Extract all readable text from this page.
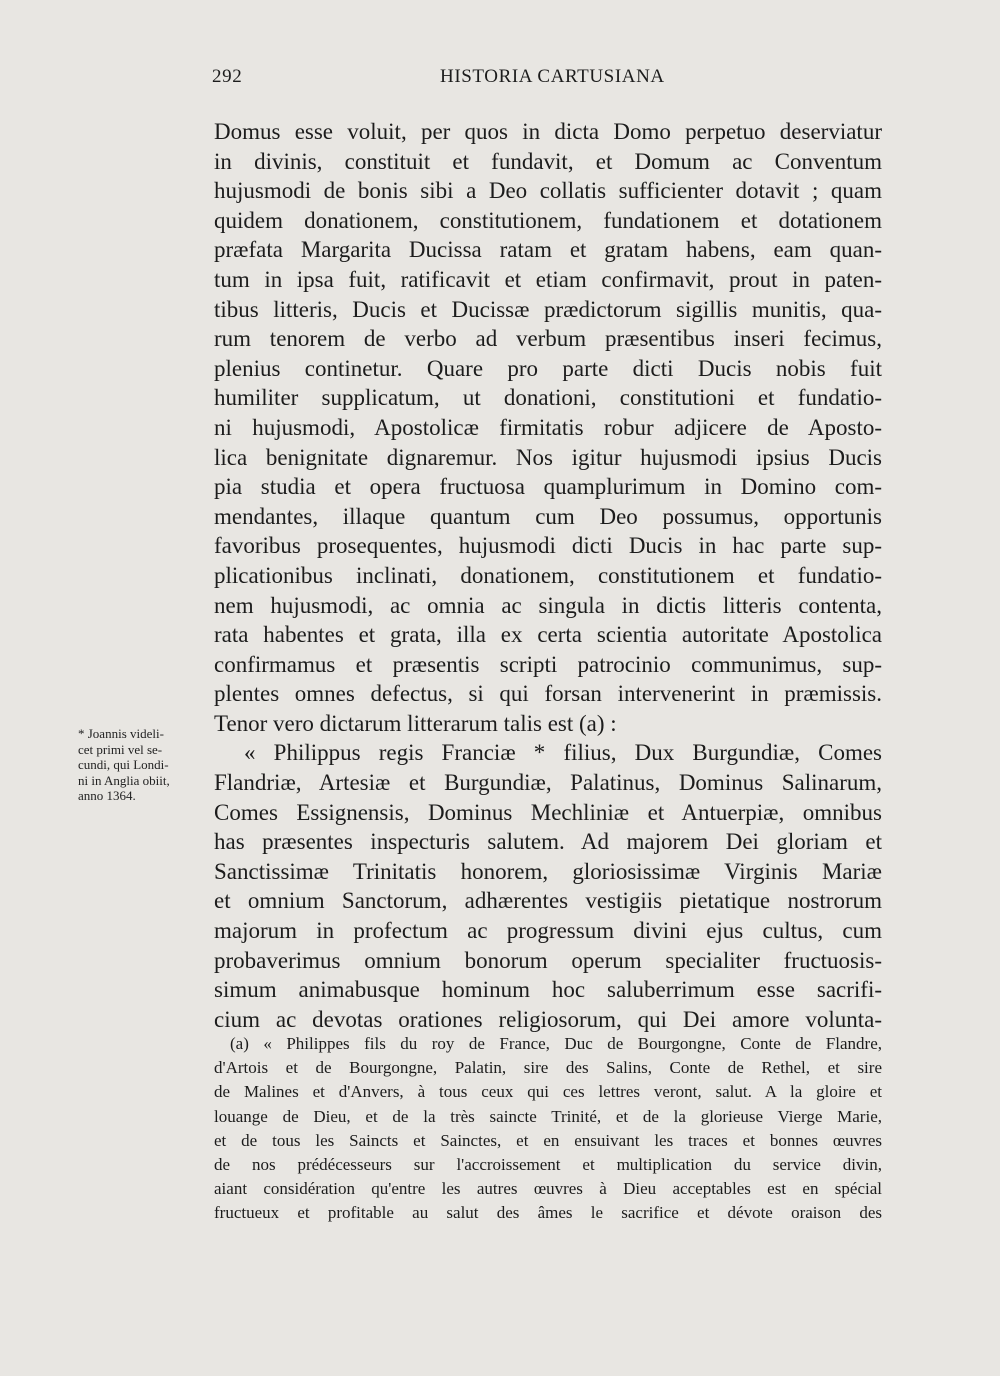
292	HISTORIA CARTUSIANA
Domus esse voluit, per quos in dicta Domo perpetuo deserviatur
in divinis, constituit et fundavit, et Domum ac Conventum
hujusmodi de bonis sibi a Deo collatis sufficienter dotavit ; quam
quidem donationem, constitutionem, fundationem et dotationem
præfata Margarita Ducissa ratam et gratam habens, eam quan-
tum in ipsa fuit, ratificavit et etiam confirmavit, prout in paten-
tibus litteris, Ducis et Ducissæ prædictorum sigillis munitis, qua-
rum tenorem de verbo ad verbum præsentibus inseri fecimus,
plenius continetur. Quare pro parte dicti Ducis nobis fuit
humiliter supplicatum, ut donationi, constitutioni et fundatio-
ni hujusmodi, Apostolicæ firmitatis robur adjicere de Aposto-
lica benignitate dignaremur. Nos igitur hujusmodi ipsius Ducis
pia studia et opera fructuosa quamplurimum in Domino com-
mendantes, illaque quantum cum Deo possumus, opportunis
favoribus prosequentes, hujusmodi dicti Ducis in hac parte sup-
plicationibus inclinati, donationem, constitutionem et fundatio-
nem hujusmodi, ac omnia ac singula in dictis litteris contenta,
rata habentes et grata, illa ex certa scientia autoritate Apostolica
confirmamus et præsentis scripti patrocinio communimus, sup-
plentes omnes defectus, si qui forsan intervenerint in præmissis.
Tenor vero dictarum litterarum talis est (a) :
« Philippus regis Franciæ * filius, Dux Burgundiæ, Comes
Flandriæ, Artesiæ et Burgundiæ, Palatinus, Dominus Salinarum,
Comes Essignensis, Dominus Mechliniæ et Antuerpiæ, omnibus
has præsentes inspecturis salutem. Ad majorem Dei gloriam et
Sanctissimæ Trinitatis honorem, gloriosissimæ Virginis Mariæ
et omnium Sanctorum, adhærentes vestigiis pietatique nostrorum
majorum in profectum ac progressum divini ejus cultus, cum
probaverimus omnium bonorum operum specialiter fructuosis-
simum animabusque hominum hoc saluberrimum esse sacrifi-
cium ac devotas orationes religiosorum, qui Dei amore volunta-
* Joannis videli-
cet primi vel se-
cundi, qui Londi-
ni in Anglia obiit,
anno 1364.
(a) « Philippes fils du roy de France, Duc de Bourgongne, Conte de Flandre,
d'Artois et de Bourgongne, Palatin, sire des Salins, Conte de Rethel, et sire
de Malines et d'Anvers, à tous ceux qui ces lettres veront, salut. A la gloire et
louange de Dieu, et de la très saincte Trinité, et de la glorieuse Vierge Marie,
et de tous les Saincts et Sainctes, et en ensuivant les traces et bonnes œuvres
de nos prédécesseurs sur l'accroissement et multiplication du service divin,
aiant considération qu'entre les autres œuvres à Dieu acceptables est en spécial
fructueux et profitable au salut des âmes le sacrifice et dévote oraison des
